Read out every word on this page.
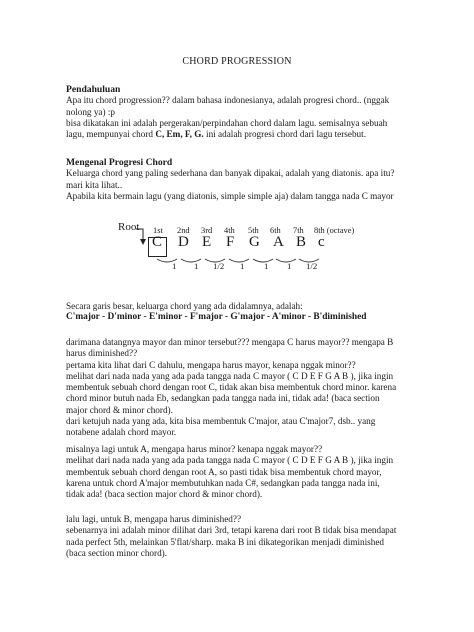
CHORD PROGRESSION

Pendahuluan

Apa itu chord progression?? dalam bahasa indonesianya, adalah progresi chord.. (nggak

nolong ya) :p

bisa dikatakan ini adalah pergerakan/perpindahan chord dalam lagu. semisalnya sebuah

lagu, mempunyai chord C, Em, F, G. ini adalah progresi chord dari lagu tersebut.

Mengenal Progresi Chord

Keluarga chord yang paling sederhana dan banyak dipakai, adalah yang diatonis. apa itu?

mari kita lihat..

Apabila kita bermain lagu (yang diatonis, simple simple aja) dalam tangga nada C mayor

Root 1st 2nd 3rd 4th 5th 6th 7th 8th (octave)
C D E F G A B c
1 1 1/2 1 1 1 1/2

Secara garis besar, keluarga chord yang ada didalamnya, adalah:

C'major - D'minor - E'minor - F'major - G'major - A'minor - B'diminished

darimana datangnya mayor dan minor tersebut??? mengapa C harus mayor?? mengapa B

harus diminished??

pertama kita lihat dari C dahulu, mengapa harus mayor, kenapa nggak minor??

melihat dari nada nada yang ada pada tangga nada C mayor ( C D E F G A B ), jika ingin

membentuk sebuah chord dengan root C, tidak akan bisa membentuk chord minor. karena

chord minor butuh nada Eb, sedangkan pada tangga nada ini, tidak ada! (baca section

major chord & minor chord).

dari ketujuh nada yang ada, kita bisa membentuk C'major, atau C'major7, dsb.. yang

notabene adalah chord mayor.

misalnya lagi untuk A, mengapa harus minor? kenapa nggak mayor??

melihat dari nada nada yang ada pada tangga nada C mayor ( C D E F G A B ), jika ingin

membentuk sebuah chord dengan root A, so pasti tidak bisa membentuk chord mayor,

karena untuk chord A'major membutuhkan nada C#, sedangkan pada tangga nada ini,

tidak ada! (baca section major chord & minor chord).

lalu lagi, untuk B, mengapa harus diminished??

sebenarnya ini adalah minor dilihat dari 3rd, tetapi karena dari root B tidak bisa mendapat

nada perfect 5th, melainkan 5'flat/sharp. maka B ini dikategorikan menjadi diminished

(baca section minor chord).
